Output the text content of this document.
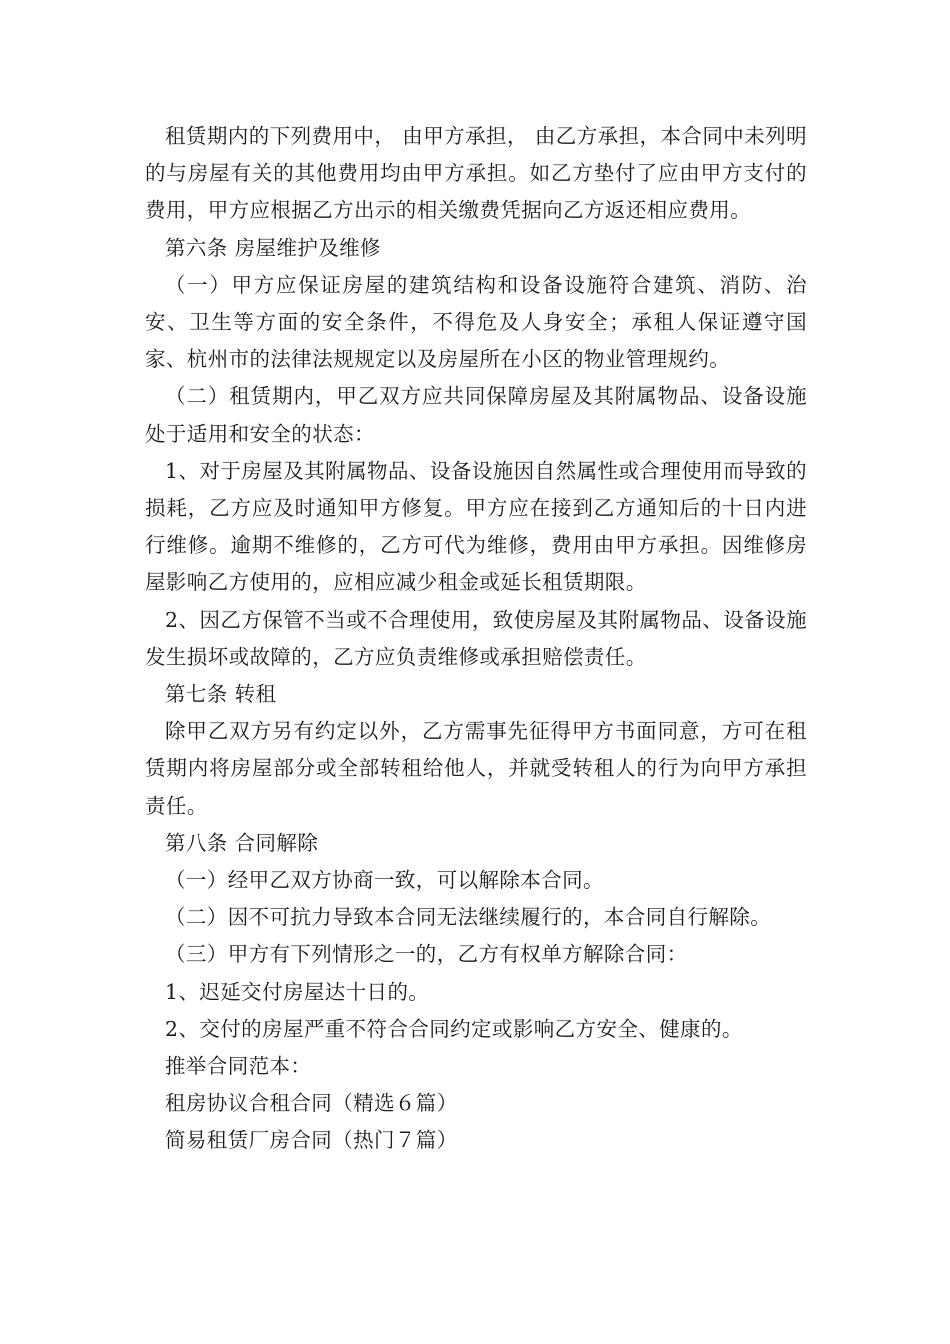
租赁期内的下列费用中， 由甲方承担， 由乙方承担，本合同中未列明的与房屋有关的其他费用均由甲方承担。如乙方垫付了应由甲方支付的费用，甲方应根据乙方出示的相关缴费凭据向乙方返还相应费用。

第六条 房屋维护及维修

（一）甲方应保证房屋的建筑结构和设备设施符合建筑、消防、治安、卫生等方面的安全条件，不得危及人身安全；承租人保证遵守国家、杭州市的法律法规规定以及房屋所在小区的物业管理规约。

（二）租赁期内，甲乙双方应共同保障房屋及其附属物品、设备设施处于适用和安全的状态：

1、对于房屋及其附属物品、设备设施因自然属性或合理使用而导致的损耗，乙方应及时通知甲方修复。甲方应在接到乙方通知后的十日内进行维修。逾期不维修的，乙方可代为维修，费用由甲方承担。因维修房屋影响乙方使用的，应相应减少租金或延长租赁期限。

2、因乙方保管不当或不合理使用，致使房屋及其附属物品、设备设施发生损坏或故障的，乙方应负责维修或承担赔偿责任。

第七条 转租

除甲乙双方另有约定以外，乙方需事先征得甲方书面同意，方可在租赁期内将房屋部分或全部转租给他人，并就受转租人的行为向甲方承担责任。

第八条 合同解除

（一）经甲乙双方协商一致，可以解除本合同。

（二）因不可抗力导致本合同无法继续履行的，本合同自行解除。

（三）甲方有下列情形之一的，乙方有权单方解除合同：

1、迟延交付房屋达十日的。

2、交付的房屋严重不符合合同约定或影响乙方安全、健康的。

推举合同范本：

租房协议合租合同（精选６篇）

简易租赁厂房合同（热门７篇）
